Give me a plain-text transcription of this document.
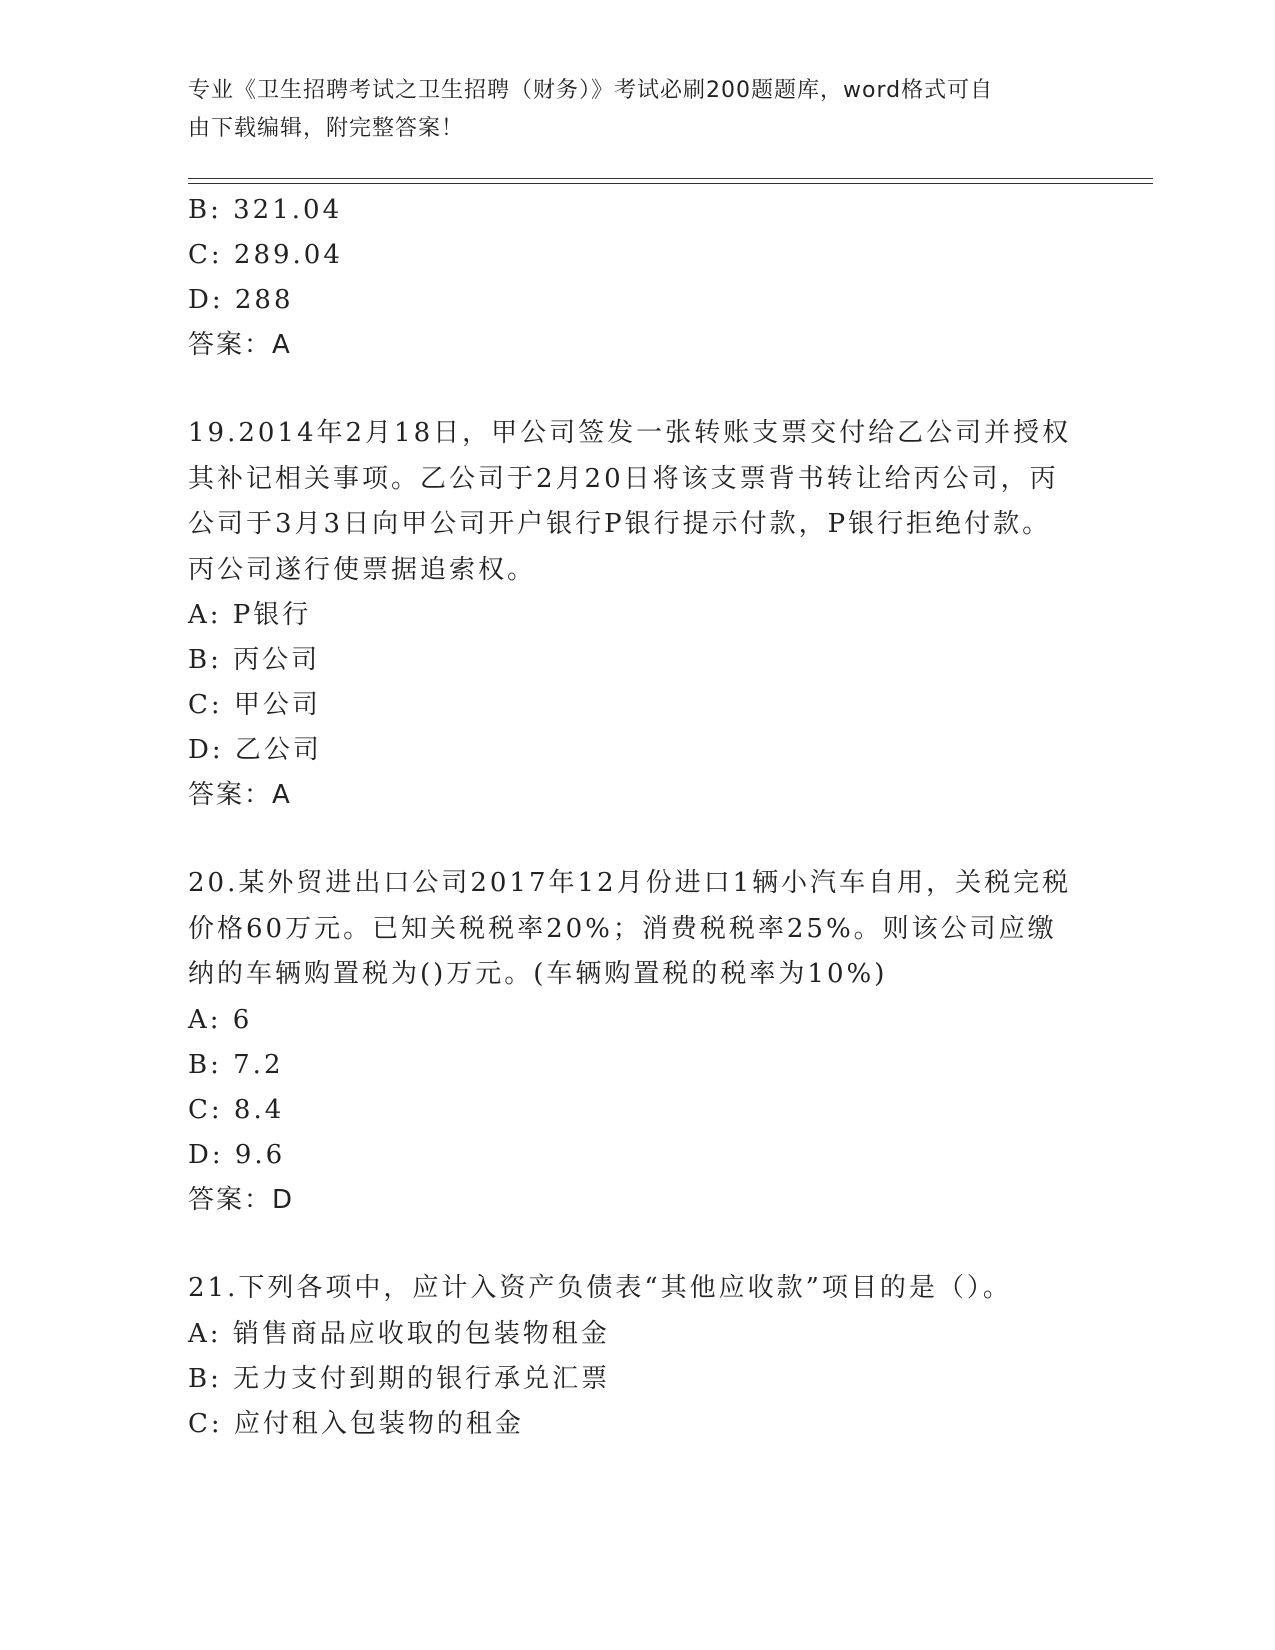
专业《卫生招聘考试之卫生招聘（财务）》考试必刷200题题库，word格式可自
由下载编辑，附完整答案！
B: 321.04
C: 289.04
D: 288
答案：A
19.2014年2月18日，甲公司签发一张转账支票交付给乙公司并授权
其补记相关事项。乙公司于2月20日将该支票背书转让给丙公司，丙
公司于3月3日向甲公司开户银行P银行提示付款，P银行拒绝付款。
丙公司遂行使票据追索权。
A: P银行
B: 丙公司
C: 甲公司
D: 乙公司
答案：A
20.某外贸进出口公司2017年12月份进口1辆小汽车自用，关税完税
价格60万元。已知关税税率20%；消费税税率25%。则该公司应缴
纳的车辆购置税为()万元。(车辆购置税的税率为10%)
A: 6
B: 7.2
C: 8.4
D: 9.6
答案：D
21.下列各项中，应计入资产负债表“其他应收款”项目的是（）。
A: 销售商品应收取的包装物租金
B: 无力支付到期的银行承兑汇票
C: 应付租入包装物的租金
